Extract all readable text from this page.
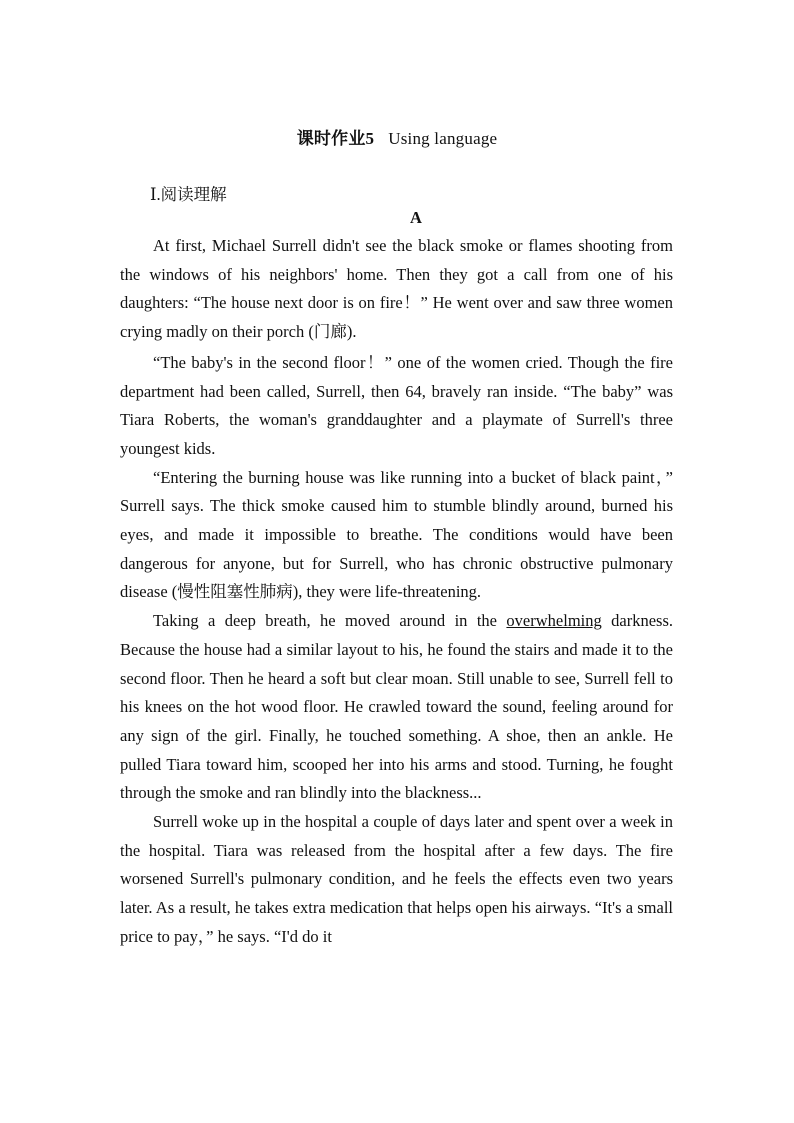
课时作业5 Using language
Ⅰ.阅读理解
A

At first, Michael Surrell didn't see the black smoke or flames shooting from the windows of his neighbors' home. Then they got a call from one of his daughters: “The house next door is on fire！” He went over and saw three women crying madly on their porch (门廊).

“The baby's in the second floor！” one of the women cried. Though the fire department had been called, Surrell, then 64, bravely ran inside. “The baby” was Tiara Roberts, the woman's granddaughter and a playmate of Surrell's three youngest kids.

“Entering the burning house was like running into a bucket of black paint，” Surrell says. The thick smoke caused him to stumble blindly around, burned his eyes, and made it impossible to breathe. The conditions would have been dangerous for anyone, but for Surrell, who has chronic obstructive pulmonary disease (慢性阻塞性肺病), they were life-threatening.

Taking a deep breath, he moved around in the overwhelming darkness. Because the house had a similar layout to his, he found the stairs and made it to the second floor. Then he heard a soft but clear moan. Still unable to see, Surrell fell to his knees on the hot wood floor. He crawled toward the sound, feeling around for any sign of the girl. Finally, he touched something. A shoe, then an ankle. He pulled Tiara toward him, scooped her into his arms and stood. Turning, he fought through the smoke and ran blindly into the blackness...

Surrell woke up in the hospital a couple of days later and spent over a week in the hospital. Tiara was released from the hospital after a few days. The fire worsened Surrell's pulmonary condition, and he feels the effects even two years later. As a result, he takes extra medication that helps open his airways. “It's a small price to pay，” he says. “I'd do it
